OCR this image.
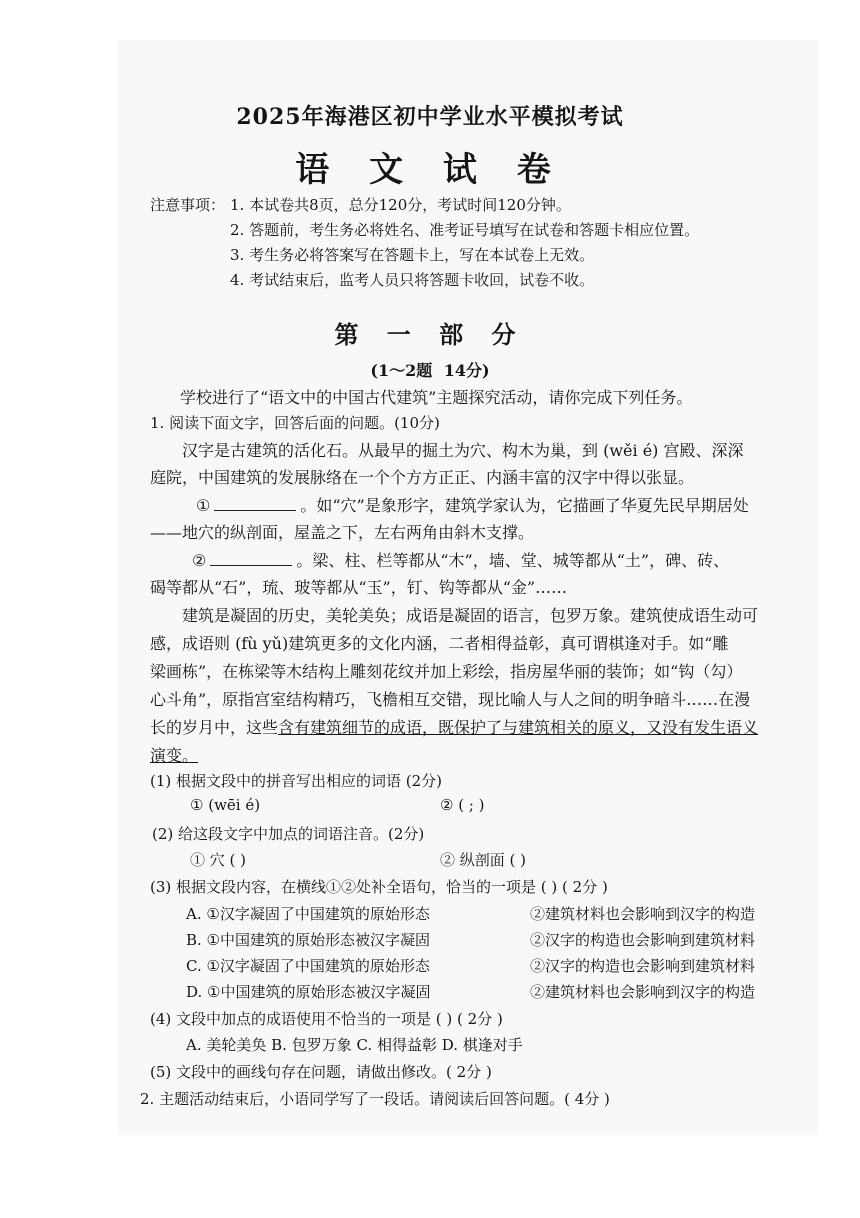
2025年海港区初中学业水平模拟考试
语 文 试 卷
注意事项： 1. 本试卷共8页，总分120分，考试时间120分钟。
2. 答题前，考生务必将姓名、准考证号填写在试卷和答题卡相应位置。
3. 考生务必将答案写在答题卡上，写在本试卷上无效。
4. 考试结束后，监考人员只将答题卡收回，试卷不收。
第 一 部 分
(1～2题 14分)
学校进行了“语文中的中国古代建筑”主题探究活动，请你完成下列任务。
1. 阅读下面文字，回答后面的问题。(10分)
汉字是古建筑的活化石。从最早的掘土为穴、构木为巢，到 (wěi é) 宫殿、深深
庭院，中国建筑的发展脉络在一个个方方正正、内涵丰富的汉字中得以张显。
①	。如“穴”是象形字，建筑学家认为，它描画了华夏先民早期居处
——地穴的纵剖面，屋盖之下，左右两角由斜木支撑。
②	。梁、柱、栏等都从“木”，墙、堂、城等都从“土”，碑、砖、
碣等都从“石”，琉、玻等都从“玉”，钉、钩等都从“金”……
建筑是凝固的历史，美轮美奂；成语是凝固的语言，包罗万象。建筑使成语生动可
感，成语则 (fù yǔ)建筑更多的文化内涵，二者相得益彰，真可谓棋逢对手。如“雕
梁画栋”，在栋梁等木结构上雕刻花纹并加上彩绘，指房屋华丽的装饰；如“钩（勾）
心斗角”，原指宫室结构精巧，飞檐相互交错，现比喻人与人之间的明争暗斗……在漫
长的岁月中，这些含有建筑细节的成语，既保护了与建筑相关的原义，又没有发生语义
演变。
(1) 根据文段中的拼音写出相应的词语 (2分)
① (wēi é)	② ( ; )
(2) 给这段文字中加点的词语注音。(2分)
① 穴 ( )	② 纵剖面 ( )
(3) 根据文段内容，在横线①②处补全语句，恰当的一项是 ( ) ( 2分 )
A. ①汉字凝固了中国建筑的原始形态	②建筑材料也会影响到汉字的构造
B. ①中国建筑的原始形态被汉字凝固	②汉字的构造也会影响到建筑材料
C. ①汉字凝固了中国建筑的原始形态	②汉字的构造也会影响到建筑材料
D. ①中国建筑的原始形态被汉字凝固	②建筑材料也会影响到汉字的构造
(4) 文段中加点的成语使用不恰当的一项是 ( ) ( 2分 )
A. 美轮美奂 B. 包罗万象 C. 相得益彰 D. 棋逢对手
(5) 文段中的画线句存在问题，请做出修改。( 2分 )
2. 主题活动结束后，小语同学写了一段话。请阅读后回答问题。( 4分 )
